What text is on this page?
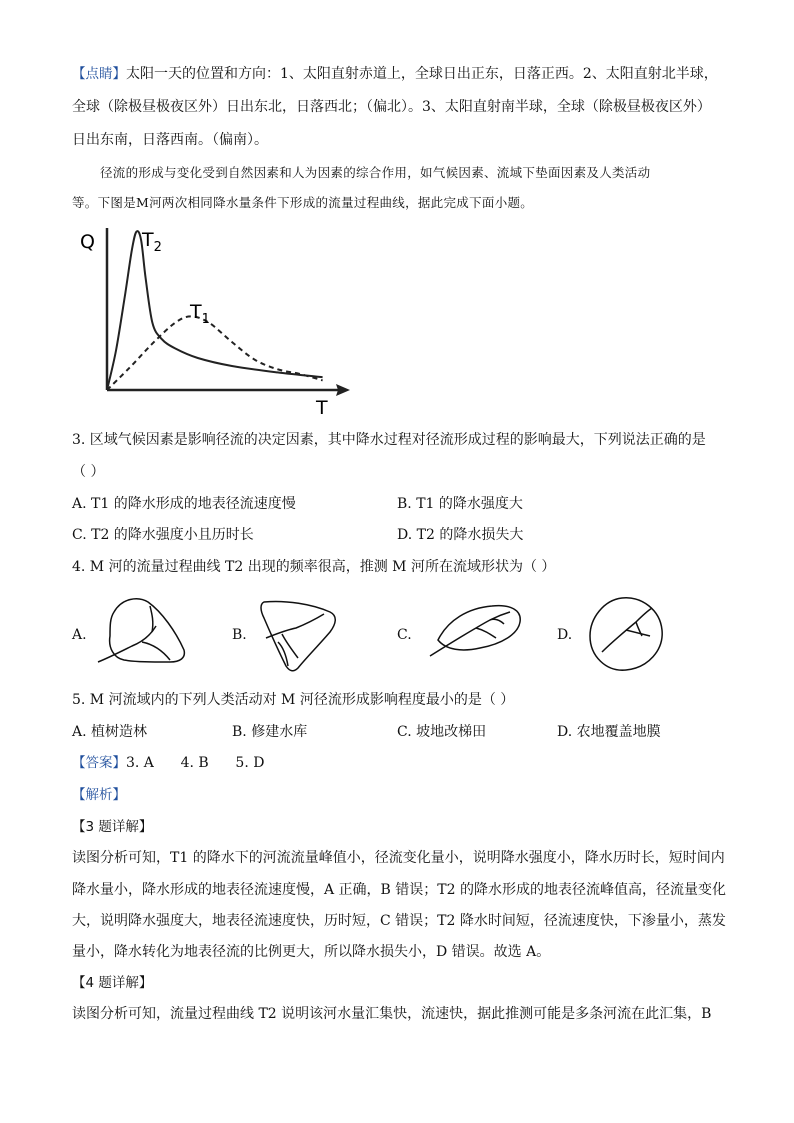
【点睛】太阳一天的位置和方向：1、太阳直射赤道上，全球日出正东，日落正西。2、太阳直射北半球，
全球（除极昼极夜区外）日出东北，日落西北；（偏北）。3、太阳直射南半球，全球（除极昼极夜区外）
日出东南，日落西南。（偏南）。
径流的形成与变化受到自然因素和人为因素的综合作用，如气候因素、流域下垫面因素及人类活动
等。下图是M河两次相同降水量条件下形成的流量过程曲线，据此完成下面小题。
Q
T
$T_2$
$T_1$
3. 区域气候因素是影响径流的决定因素，其中降水过程对径流形成过程的影响最大，下列说法正确的是
（ ）
A. T1 的降水形成的地表径流速度慢	B. T1 的降水强度大
C. T2 的降水强度小且历时长	D. T2 的降水损失大
4. M 河的流量过程曲线 T2 出现的频率很高，推测 M 河所在流域形状为（ ）
A.	B.	C.	D.
5. M 河流域内的下列人类活动对 M 河径流形成影响程度最小的是（ ）
A. 植树造林	B. 修建水库	C. 坡地改梯田	D. 农地覆盖地膜
【答案】3. A      4. B      5. D
【解析】
【3 题详解】
读图分析可知，T1 的降水下的河流流量峰值小，径流变化量小，说明降水强度小，降水历时长，短时间内
降水量小，降水形成的地表径流速度慢，A 正确，B 错误；T2 的降水形成的地表径流峰值高，径流量变化
大，说明降水强度大，地表径流速度快，历时短，C 错误；T2 降水时间短，径流速度快，下渗量小，蒸发
量小，降水转化为地表径流的比例更大，所以降水损失小，D 错误。故选 A。
【4 题详解】
读图分析可知，流量过程曲线 T2 说明该河水量汇集快，流速快，据此推测可能是多条河流在此汇集，B
